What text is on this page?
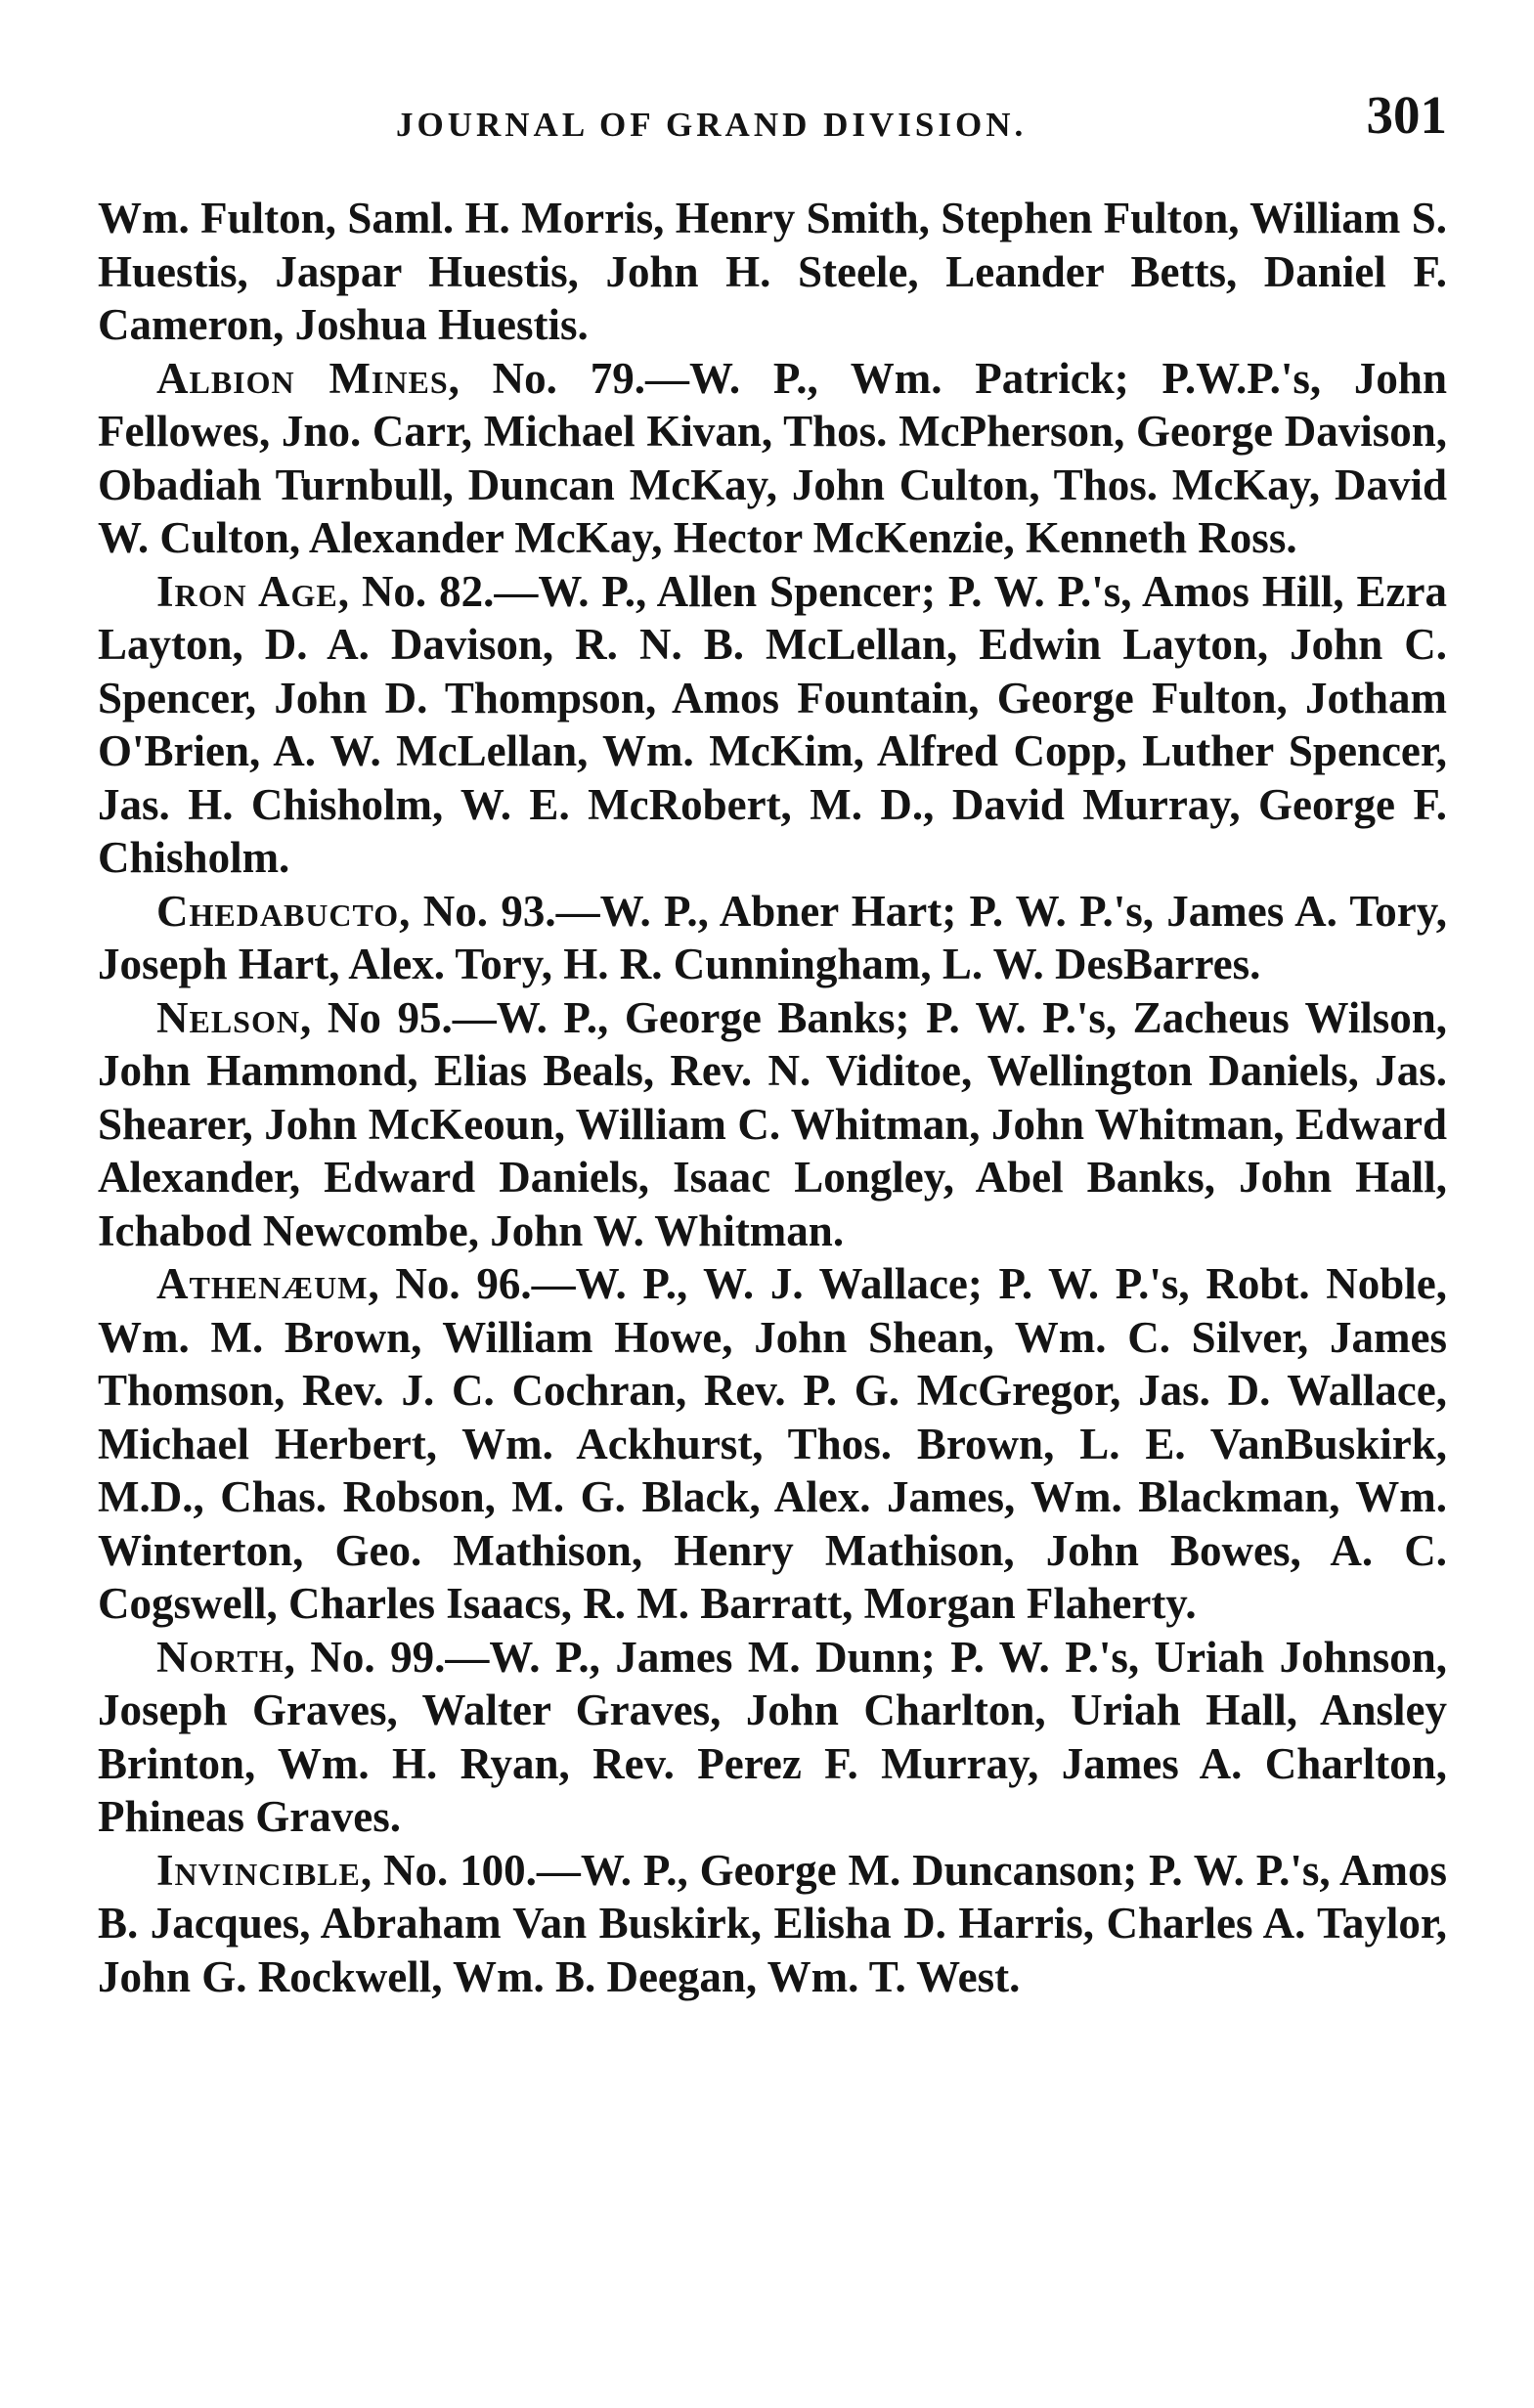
JOURNAL OF GRAND DIVISION.	301

Wm. Fulton, Saml. H. Morris, Henry Smith, Stephen Fulton, William S. Huestis, Jaspar Huestis, John H. Steele, Leander Betts, Daniel F. Cameron, Joshua Huestis.

Albion Mines, No. 79.—W. P., Wm. Patrick; P.W.P.'s, John Fellowes, Jno. Carr, Michael Kivan, Thos. McPherson, George Davison, Obadiah Turnbull, Duncan McKay, John Culton, Thos. McKay, David W. Culton, Alexander McKay, Hector McKenzie, Kenneth Ross.

Iron Age, No. 82.—W. P., Allen Spencer; P. W. P.'s, Amos Hill, Ezra Layton, D. A. Davison, R. N. B. McLellan, Edwin Layton, John C. Spencer, John D. Thompson, Amos Fountain, George Fulton, Jotham O'Brien, A. W. McLellan, Wm. McKim, Alfred Copp, Luther Spencer, Jas. H. Chisholm, W. E. McRobert, M. D., David Murray, George F. Chisholm.

Chedabucto, No. 93.—W. P., Abner Hart; P. W. P.'s, James A. Tory, Joseph Hart, Alex. Tory, H. R. Cunningham, L. W. DesBarres.

Nelson, No 95.—W. P., George Banks; P. W. P.'s, Zacheus Wilson, John Hammond, Elias Beals, Rev. N. Viditoe, Wellington Daniels, Jas. Shearer, John McKeoun, William C. Whitman, John Whitman, Edward Alexander, Edward Daniels, Isaac Longley, Abel Banks, John Hall, Ichabod Newcombe, John W. Whitman.

Athenæum, No. 96.—W. P., W. J. Wallace; P. W. P.'s, Robt. Noble, Wm. M. Brown, William Howe, John Shean, Wm. C. Silver, James Thomson, Rev. J. C. Cochran, Rev. P. G. McGregor, Jas. D. Wallace, Michael Herbert, Wm. Ackhurst, Thos. Brown, L. E. VanBuskirk, M.D., Chas. Robson, M. G. Black, Alex. James, Wm. Blackman, Wm. Winterton, Geo. Mathison, Henry Mathison, John Bowes, A. C. Cogswell, Charles Isaacs, R. M. Barratt, Morgan Flaherty.

North, No. 99.—W. P., James M. Dunn; P. W. P.'s, Uriah Johnson, Joseph Graves, Walter Graves, John Charlton, Uriah Hall, Ansley Brinton, Wm. H. Ryan, Rev. Perez F. Murray, James A. Charlton, Phineas Graves.

Invincible, No. 100.—W. P., George M. Duncanson; P. W. P.'s, Amos B. Jacques, Abraham Van Buskirk, Elisha D. Harris, Charles A. Taylor, John G. Rockwell, Wm. B. Deegan, Wm. T. West.
